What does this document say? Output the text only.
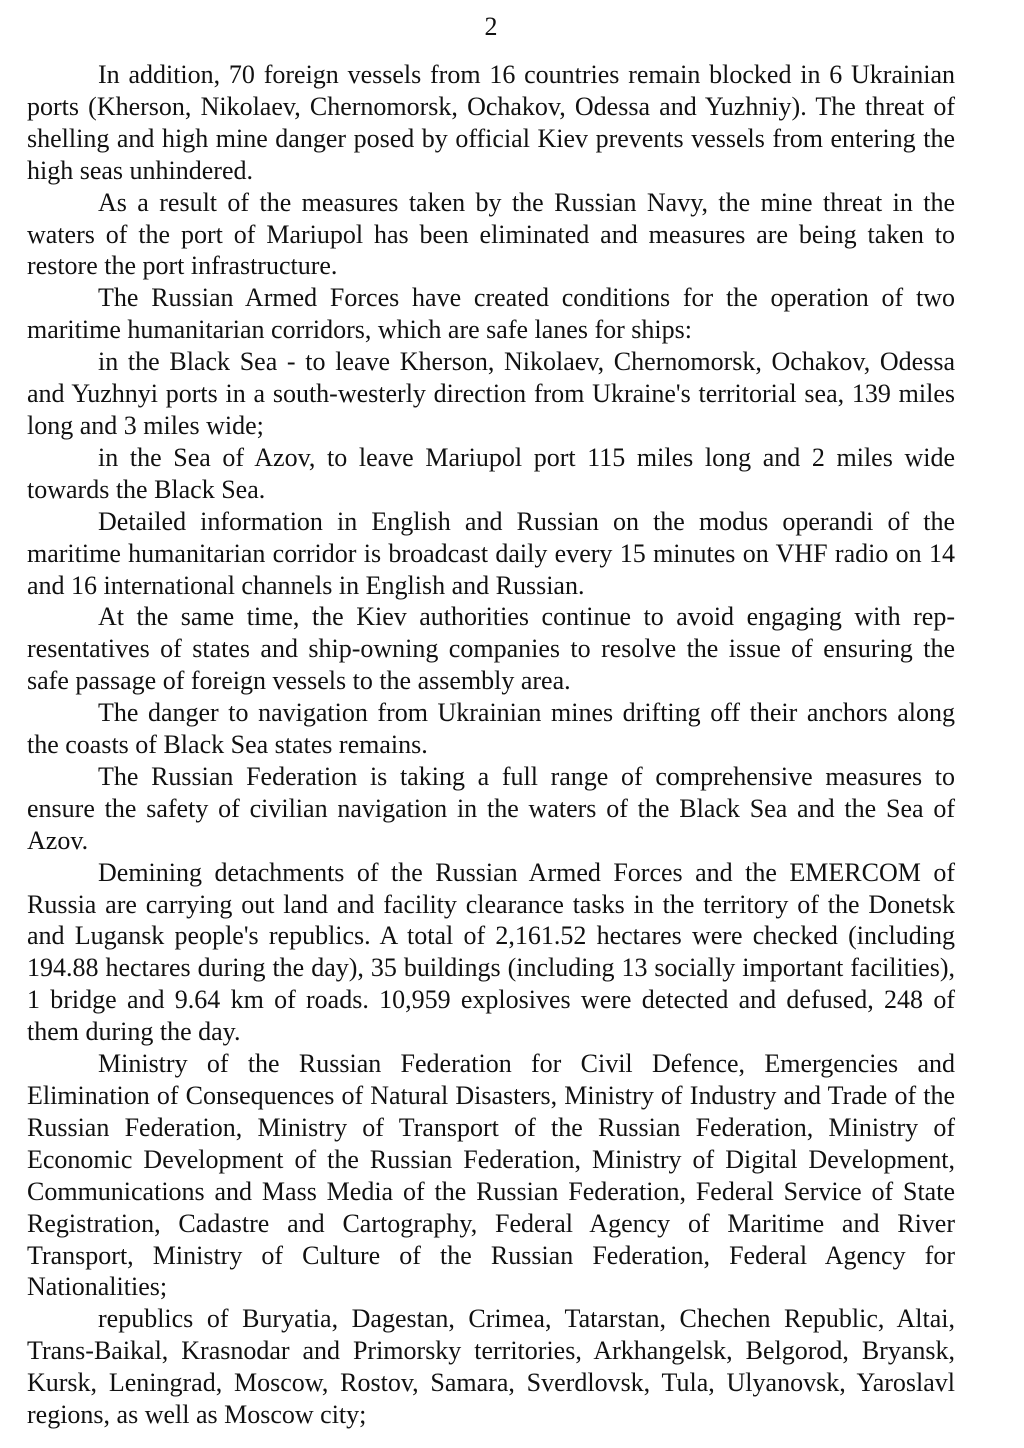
2

In addition, 70 foreign vessels from 16 countries remain blocked in 6 Ukrainian ports (Kherson, Nikolaev, Chernomorsk, Ochakov, Odessa and Yuzhniy). The threat of shelling and high mine danger posed by official Kiev prevents vessels from entering the high seas unhindered.

As a result of the measures taken by the Russian Navy, the mine threat in the waters of the port of Mariupol has been eliminated and measures are being taken to restore the port infrastructure.

The Russian Armed Forces have created conditions for the operation of two maritime humanitarian corridors, which are safe lanes for ships:

in the Black Sea - to leave Kherson, Nikolaev, Chernomorsk, Ochakov, Odessa and Yuzhnyi ports in a south-westerly direction from Ukraine's territorial sea, 139 miles long and 3 miles wide;

in the Sea of Azov, to leave Mariupol port 115 miles long and 2 miles wide towards the Black Sea.

Detailed information in English and Russian on the modus operandi of the maritime humanitarian corridor is broadcast daily every 15 minutes on VHF radio on 14 and 16 international channels in English and Russian.

At the same time, the Kiev authorities continue to avoid engaging with representatives of states and ship-owning companies to resolve the issue of ensuring the safe passage of foreign vessels to the assembly area.

The danger to navigation from Ukrainian mines drifting off their anchors along the coasts of Black Sea states remains.

The Russian Federation is taking a full range of comprehensive measures to ensure the safety of civilian navigation in the waters of the Black Sea and the Sea of Azov.

Demining detachments of the Russian Armed Forces and the EMERCOM of Russia are carrying out land and facility clearance tasks in the territory of the Donetsk and Lugansk people's republics. A total of 2,161.52 hectares were checked (including 194.88 hectares during the day), 35 buildings (including 13 socially important facilities), 1 bridge and 9.64 km of roads. 10,959 explosives were detected and defused, 248 of them during the day.

Ministry of the Russian Federation for Civil Defence, Emergencies and Elimination of Consequences of Natural Disasters, Ministry of Industry and Trade of the Russian Federation, Ministry of Transport of the Russian Federation, Ministry of Economic Development of the Russian Federation, Ministry of Digital Development, Communications and Mass Media of the Russian Federation, Federal Service of State Registration, Cadastre and Cartography, Federal Agency of Maritime and River Transport, Ministry of Culture of the Russian Federation, Federal Agency for Nationalities;

republics of Buryatia, Dagestan, Crimea, Tatarstan, Chechen Republic, Altai, Trans-Baikal, Krasnodar and Primorsky territories, Arkhangelsk, Belgorod, Bryansk, Kursk, Leningrad, Moscow, Rostov, Samara, Sverdlovsk, Tula, Ulyanovsk, Yaroslavl regions, as well as Moscow city;
